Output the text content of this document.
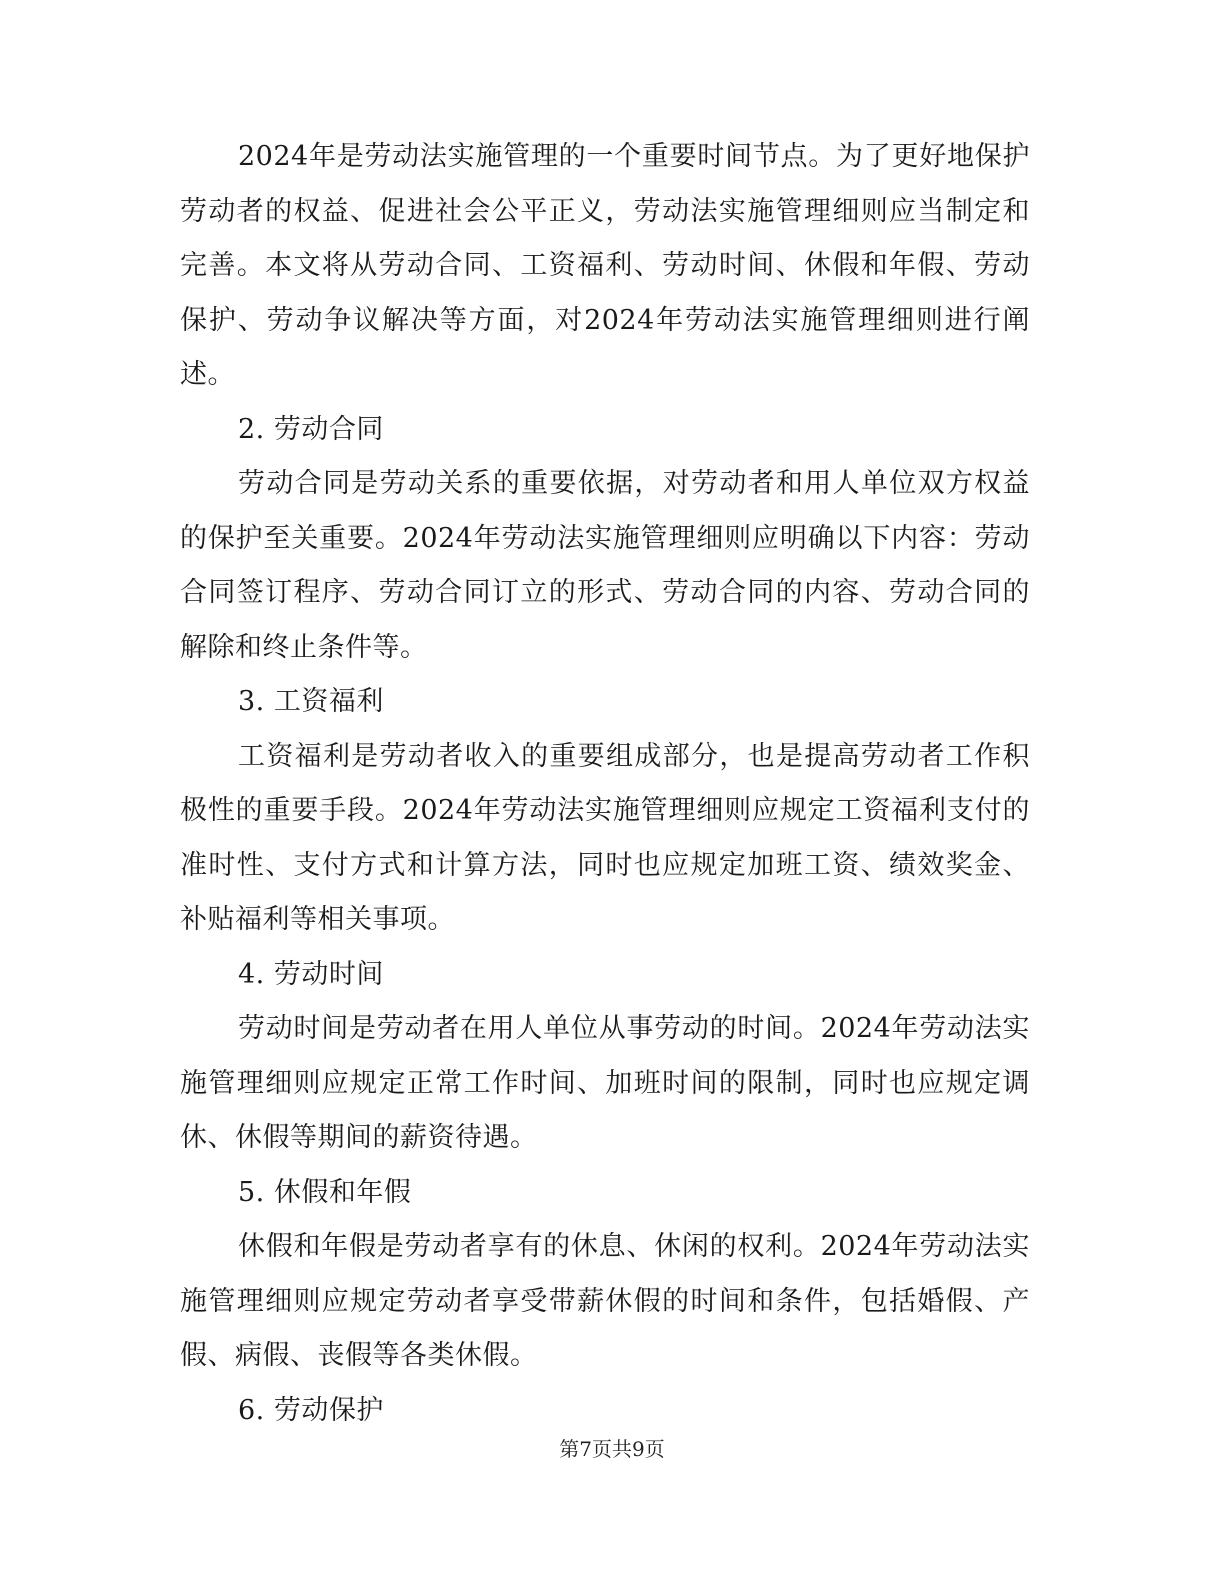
2024年是劳动法实施管理的一个重要时间节点。为了更好地保护劳动者的权益、促进社会公平正义，劳动法实施管理细则应当制定和完善。本文将从劳动合同、工资福利、劳动时间、休假和年假、劳动保护、劳动争议解决等方面，对2024年劳动法实施管理细则进行阐述。

2. 劳动合同

劳动合同是劳动关系的重要依据，对劳动者和用人单位双方权益的保护至关重要。2024年劳动法实施管理细则应明确以下内容：劳动合同签订程序、劳动合同订立的形式、劳动合同的内容、劳动合同的解除和终止条件等。

3. 工资福利

工资福利是劳动者收入的重要组成部分，也是提高劳动者工作积极性的重要手段。2024年劳动法实施管理细则应规定工资福利支付的准时性、支付方式和计算方法，同时也应规定加班工资、绩效奖金、补贴福利等相关事项。

4. 劳动时间

劳动时间是劳动者在用人单位从事劳动的时间。2024年劳动法实施管理细则应规定正常工作时间、加班时间的限制，同时也应规定调休、休假等期间的薪资待遇。

5. 休假和年假

休假和年假是劳动者享有的休息、休闲的权利。2024年劳动法实施管理细则应规定劳动者享受带薪休假的时间和条件，包括婚假、产假、病假、丧假等各类休假。

6. 劳动保护

第7页共9页
